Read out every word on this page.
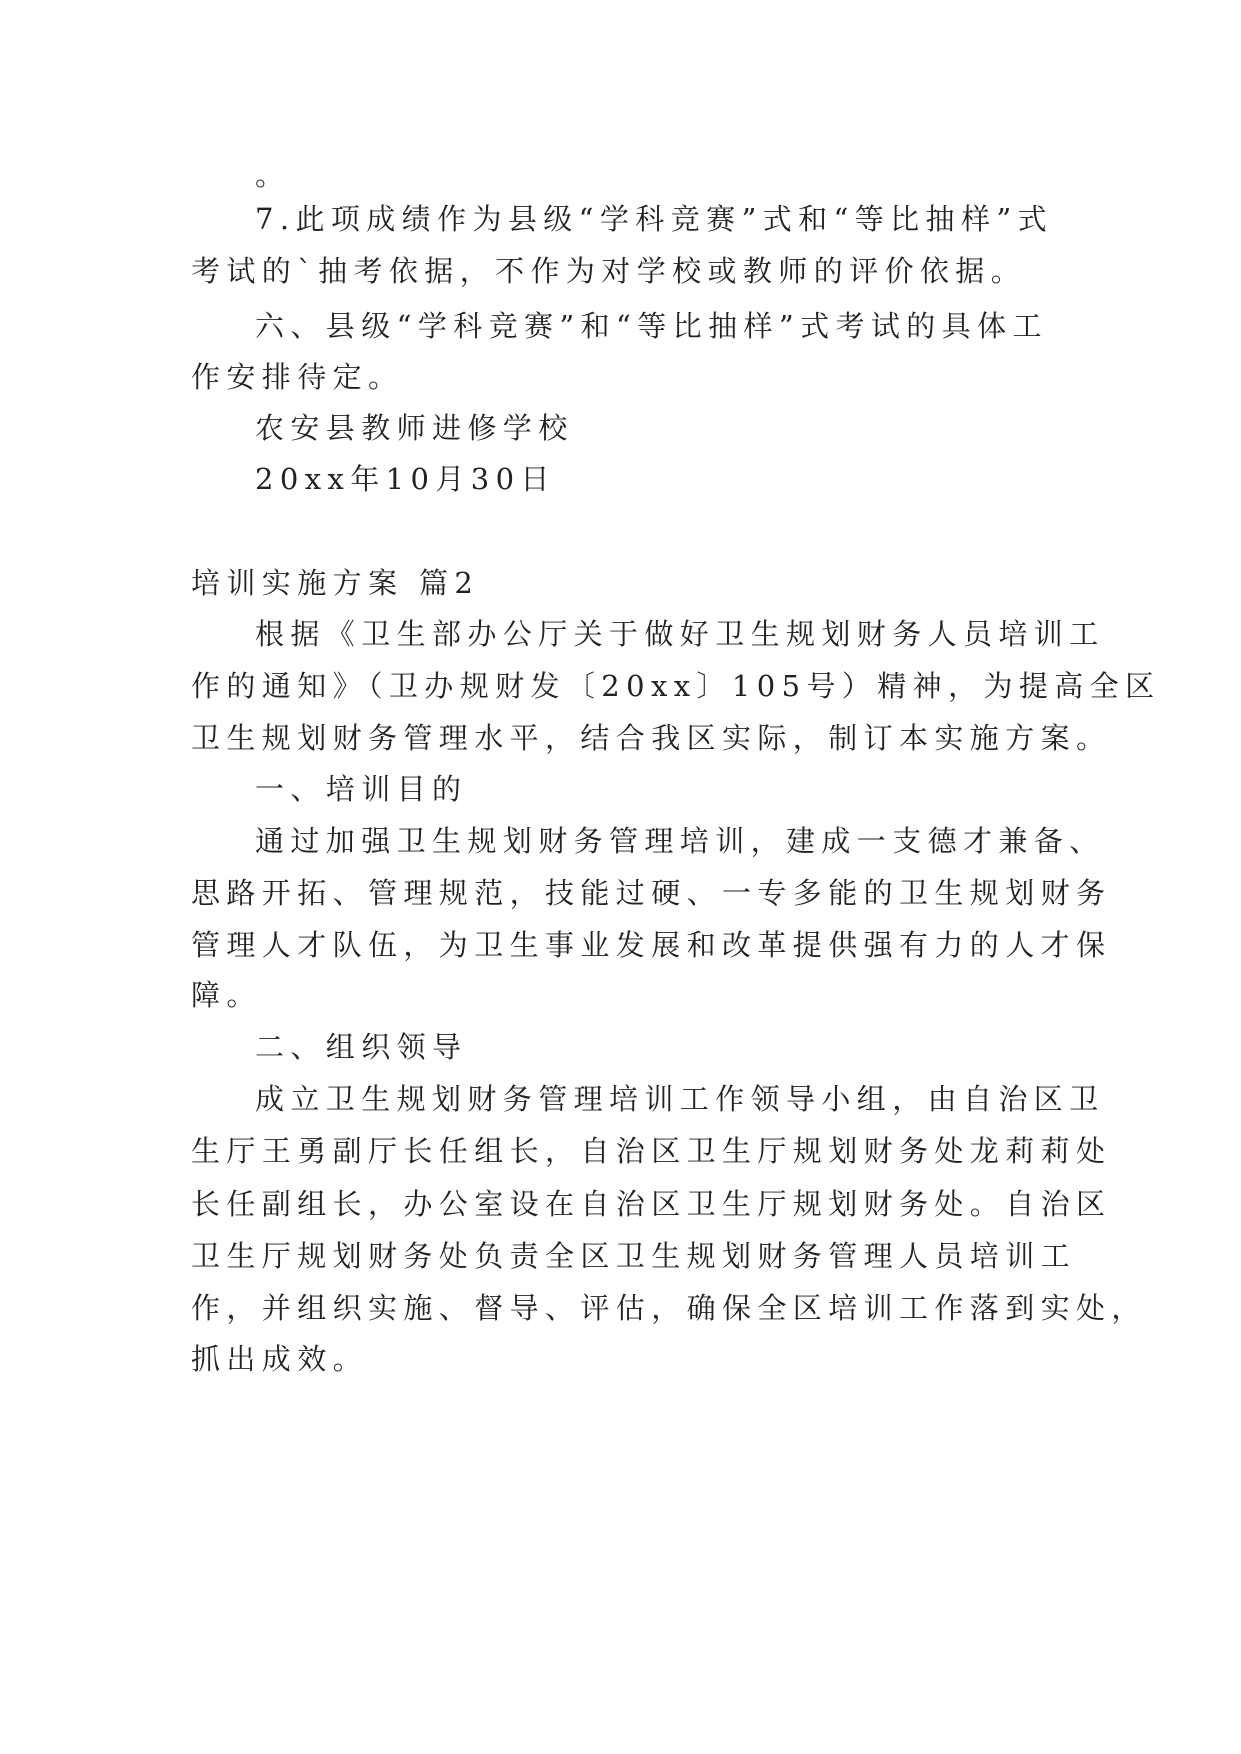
。
7.此项成绩作为县级“学科竞赛”式和“等比抽样”式
考试的`抽考依据，不作为对学校或教师的评价依据。
六、县级“学科竞赛”和“等比抽样”式考试的具体工
作安排待定。
农安县教师进修学校
20xx年10月30日
培训实施方案 篇2
根据《卫生部办公厅关于做好卫生规划财务人员培训工
作的通知》（卫办规财发〔20xx〕105号）精神，为提高全区
卫生规划财务管理水平，结合我区实际，制订本实施方案。
一、培训目的
通过加强卫生规划财务管理培训，建成一支德才兼备、
思路开拓、管理规范，技能过硬、一专多能的卫生规划财务
管理人才队伍，为卫生事业发展和改革提供强有力的人才保
障。
二、组织领导
成立卫生规划财务管理培训工作领导小组，由自治区卫
生厅王勇副厅长任组长，自治区卫生厅规划财务处龙莉莉处
长任副组长，办公室设在自治区卫生厅规划财务处。自治区
卫生厅规划财务处负责全区卫生规划财务管理人员培训工
作，并组织实施、督导、评估，确保全区培训工作落到实处，
抓出成效。
